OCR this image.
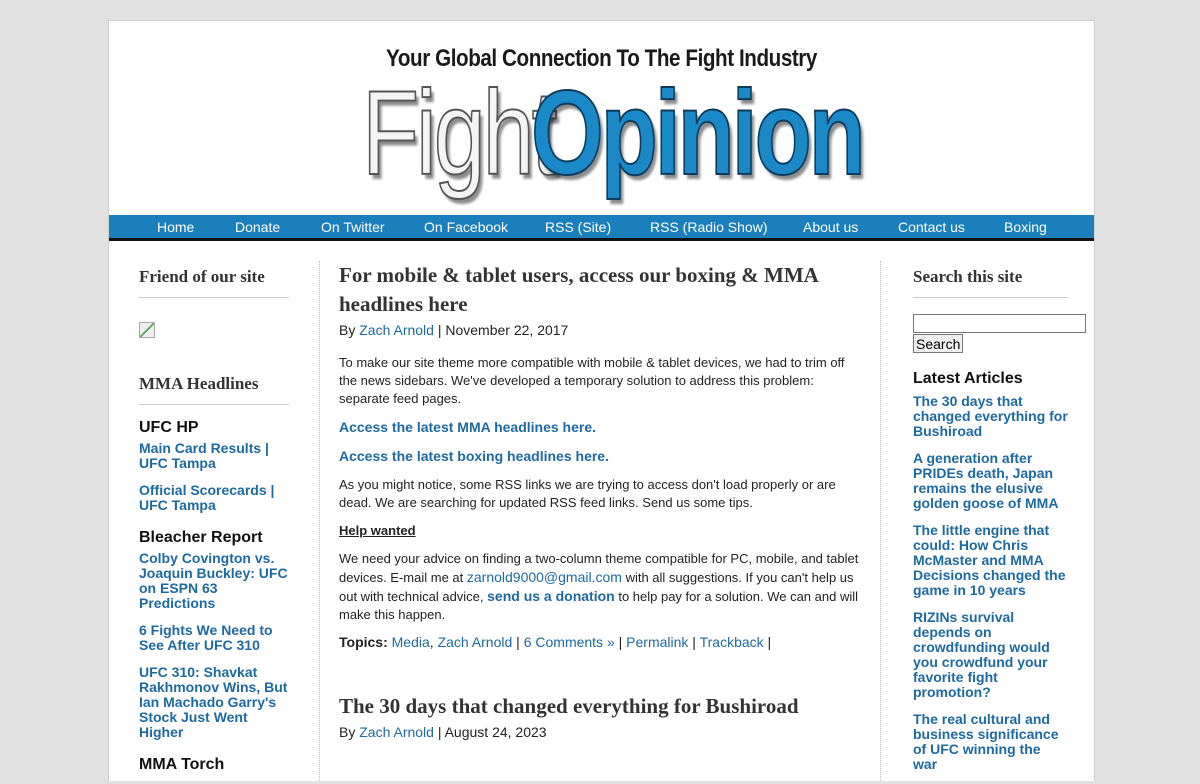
Your Global Connection To The Fight Industry
FightOpinion
Home	Donate	On Twitter	On Facebook	RSS (Site)	RSS (Radio Show)	About us	Contact us	Boxing
Friend of our site
MMA Headlines
UFC HP
Main Card Results | UFC Tampa
Official Scorecards | UFC Tampa
Bleacher Report
Colby Covington vs. Joaquin Buckley: UFC on ESPN 63 Predictions
6 Fights We Need to See After UFC 310
UFC 310: Shavkat Rakhmonov Wins, But Ian Machado Garry's Stock Just Went Higher
MMA Torch
For mobile & tablet users, access our boxing & MMA headlines here
By Zach Arnold | November 22, 2017

To make our site theme more compatible with mobile & tablet devices, we had to trim off the news sidebars. We've developed a temporary solution to address this problem: separate feed pages.

Access the latest MMA headlines here.

Access the latest boxing headlines here.

As you might notice, some RSS links we are trying to access don't load properly or are dead. We are searching for updated RSS feed links. Send us some tips.

Help wanted

We need your advice on finding a two-column theme compatible for PC, mobile, and tablet devices. E-mail me at zarnold9000@gmail.com with all suggestions. If you can't help us out with technical advice, send us a donation to help pay for a solution. We can and will make this happen.

Topics: Media, Zach Arnold | 6 Comments » | Permalink | Trackback |
The 30 days that changed everything for Bushiroad
By Zach Arnold | August 24, 2023
Search this site
Search
Latest Articles
The 30 days that changed everything for Bushiroad
A generation after PRIDEs death, Japan remains the elusive golden goose of MMA
The little engine that could: How Chris McMaster and MMA Decisions changed the game in 10 years
RIZINs survival depends on crowdfunding would you crowdfund your favorite fight promotion?
The real cultural and business significance of UFC winning the war
